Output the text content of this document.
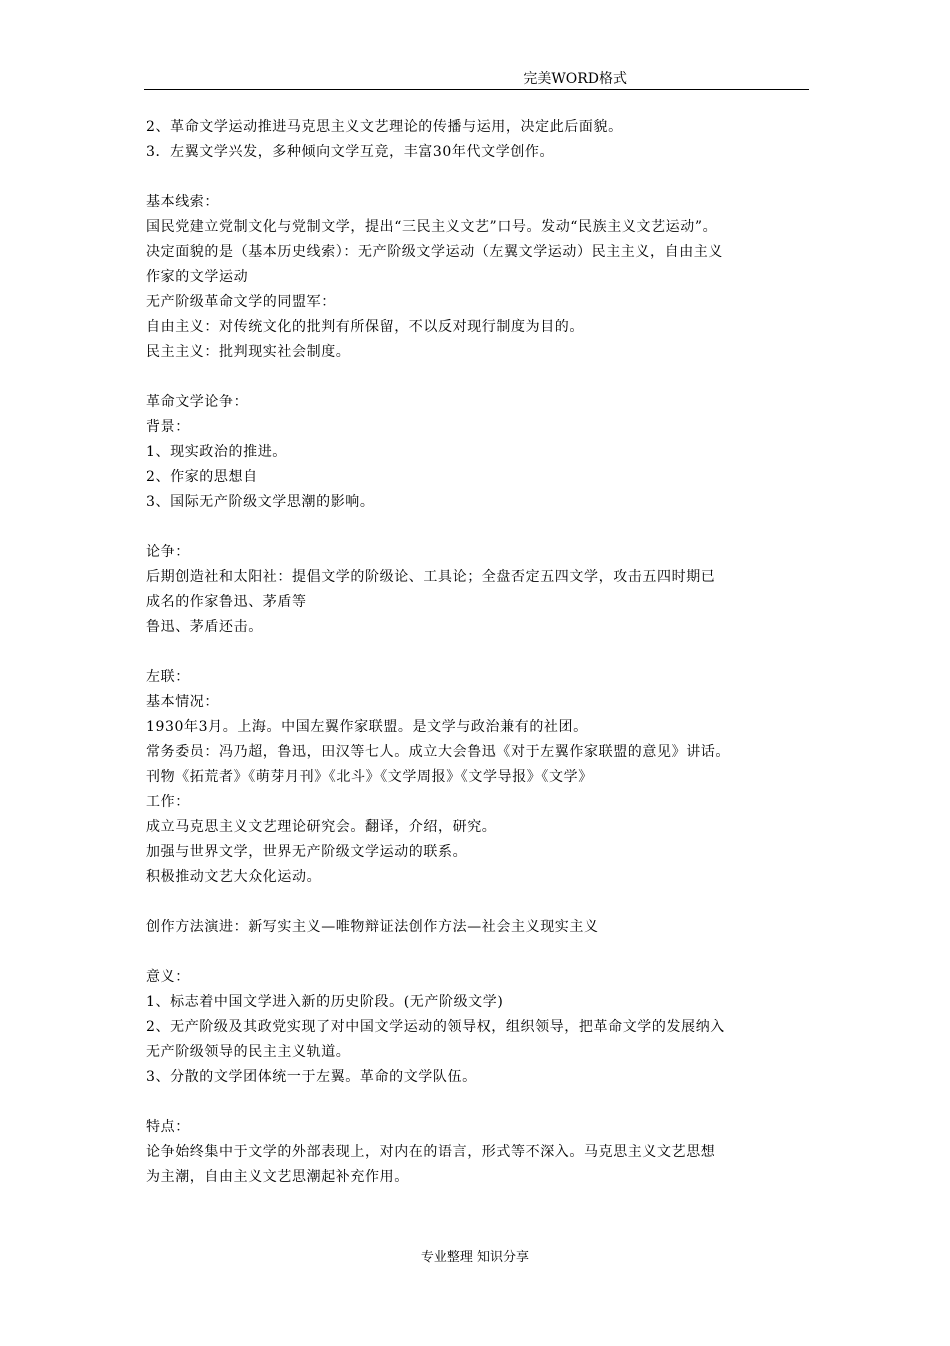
完美WORD格式
2、革命文学运动推进马克思主义文艺理论的传播与运用，决定此后面貌。
3．左翼文学兴发，多种倾向文学互竞，丰富30年代文学创作。
基本线索：
国民党建立党制文化与党制文学，提出“三民主义文艺”口号。发动“民族主义文艺运动”。
决定面貌的是（基本历史线索）：无产阶级文学运动（左翼文学运动）民主主义，自由主义
作家的文学运动
无产阶级革命文学的同盟军：
自由主义：对传统文化的批判有所保留，不以反对现行制度为目的。
民主主义：批判现实社会制度。
革命文学论争：
背景：
1、现实政治的推进。
2、作家的思想自
3、国际无产阶级文学思潮的影响。
论争：
后期创造社和太阳社：提倡文学的阶级论、工具论；全盘否定五四文学，攻击五四时期已
成名的作家鲁迅、茅盾等
鲁迅、茅盾还击。
左联：
基本情况：
1930年3月。上海。中国左翼作家联盟。是文学与政治兼有的社团。
常务委员：冯乃超，鲁迅，田汉等七人。成立大会鲁迅《对于左翼作家联盟的意见》讲话。
刊物《拓荒者》《萌芽月刊》《北斗》《文学周报》《文学导报》《文学》
工作：
成立马克思主义文艺理论研究会。翻译，介绍，研究。
加强与世界文学，世界无产阶级文学运动的联系。
积极推动文艺大众化运动。
创作方法演进：新写实主义—唯物辩证法创作方法—社会主义现实主义
意义：
1、标志着中国文学进入新的历史阶段。(无产阶级文学)
2、无产阶级及其政党实现了对中国文学运动的领导权，组织领导，把革命文学的发展纳入
无产阶级领导的民主主义轨道。
3、分散的文学团体统一于左翼。革命的文学队伍。
特点：
论争始终集中于文学的外部表现上，对内在的语言，形式等不深入。马克思主义文艺思想
为主潮，自由主义文艺思潮起补充作用。
专业整理 知识分享
